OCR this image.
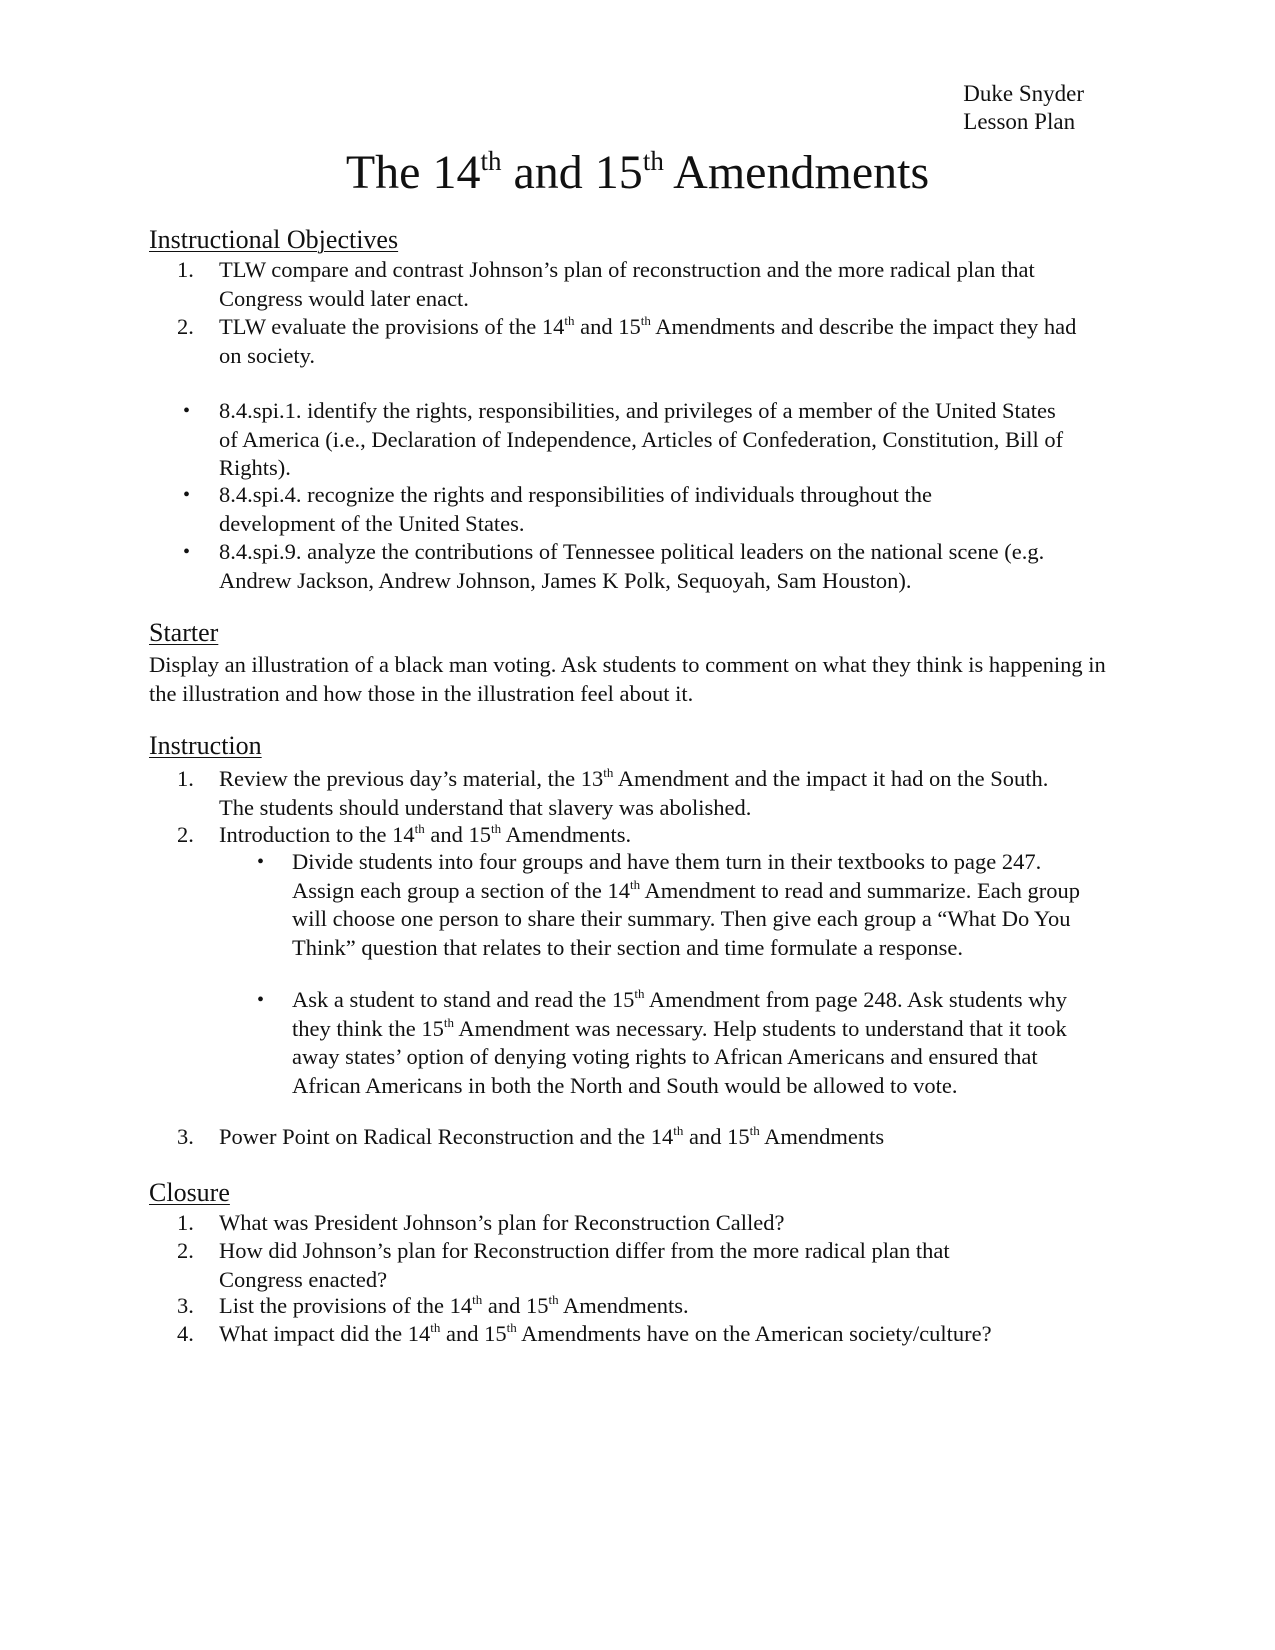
Duke Snyder
Lesson Plan
The 14th and 15th Amendments
Instructional Objectives
1. TLW compare and contrast Johnson’s plan of reconstruction and the more radical plan that Congress would later enact.
2. TLW evaluate the provisions of the 14th and 15th Amendments and describe the impact they had on society.
• 8.4.spi.1. identify the rights, responsibilities, and privileges of a member of the United States of America (i.e., Declaration of Independence, Articles of Confederation, Constitution, Bill of Rights).
• 8.4.spi.4. recognize the rights and responsibilities of individuals throughout the development of the United States.
• 8.4.spi.9. analyze the contributions of Tennessee political leaders on the national scene (e.g. Andrew Jackson, Andrew Johnson, James K Polk, Sequoyah, Sam Houston).
Starter
Display an illustration of a black man voting. Ask students to comment on what they think is happening in the illustration and how those in the illustration feel about it.
Instruction
1. Review the previous day’s material, the 13th Amendment and the impact it had on the South. The students should understand that slavery was abolished.
2. Introduction to the 14th and 15th Amendments.
• Divide students into four groups and have them turn in their textbooks to page 247. Assign each group a section of the 14th Amendment to read and summarize. Each group will choose one person to share their summary. Then give each group a “What Do You Think” question that relates to their section and time formulate a response.
• Ask a student to stand and read the 15th Amendment from page 248. Ask students why they think the 15th Amendment was necessary. Help students to understand that it took away states’ option of denying voting rights to African Americans and ensured that African Americans in both the North and South would be allowed to vote.
3. Power Point on Radical Reconstruction and the 14th and 15th Amendments
Closure
1. What was President Johnson’s plan for Reconstruction Called?
2. How did Johnson’s plan for Reconstruction differ from the more radical plan that Congress enacted?
3. List the provisions of the 14th and 15th Amendments.
4. What impact did the 14th and 15th Amendments have on the American society/culture?
